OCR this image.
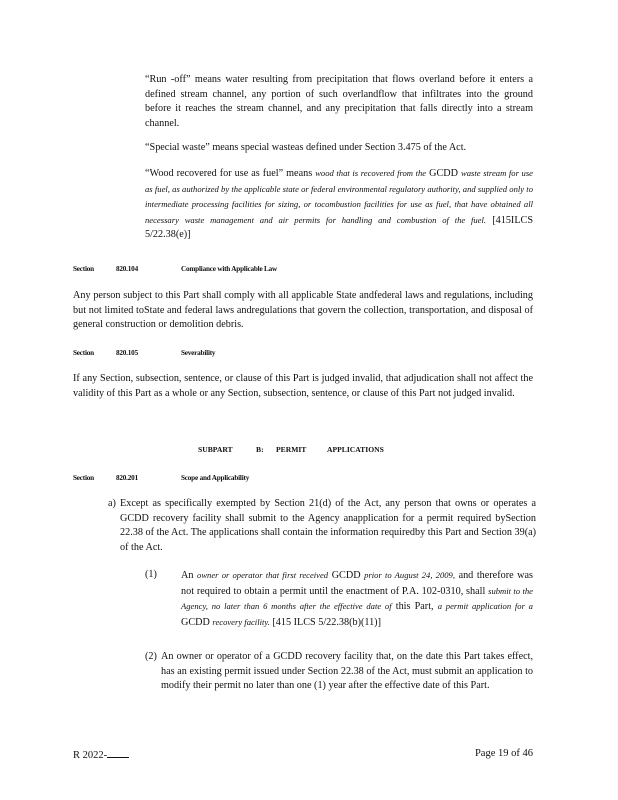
“Run -off” means water resulting from precipitation that flows overland before it enters a defined stream channel, any portion of such overlandflow that infiltrates into the ground before it reaches the stream channel, and any precipitation that falls directly into a stream channel.

“Special waste” means special wasteas defined under Section 3.475 of the Act.

“Wood recovered for use as fuel” means wood that is recovered from the GCDD waste stream for use as fuel, as authorized by the applicable state or federal environmental regulatory authority, and supplied only to intermediate processing facilities for sizing, or tocombustion facilities for use as fuel, that have obtained all necessary waste management and air permits for handling and combustion of the fuel. [415ILCS 5/22.38(e)]

Section	820.104	Compliance with Applicable Law

Any person subject to this Part shall comply with all applicable State andfederal laws and regulations, including but not limited toState and federal laws andregulations that govern the collection, transportation, and disposal of general construction or demolition debris.

Section	820.105	Severability

If any Section, subsection, sentence, or clause of this Part is judged invalid, that adjudication shall not affect the validity of this Part as a whole or any Section, subsection, sentence, or clause of this Part not judged invalid.

SUBPART	B: PERMIT	APPLICATIONS
Section	820.201	Scope and Applicability
a) Except as specifically exempted by Section 21(d) of the Act, any person that owns or operates a GCDD recovery facility shall submit to the Agency anapplication for a permit required bySection 22.38 of the Act. The applications shall contain the information requiredby this Part and Section 39(a) of the Act.

(1) An owner or operator that first received GCDD prior to August 24, 2009, and therefore was not required to obtain a permit until the enactment of P.A. 102-0310, shall submit to the Agency, no later than 6 months after the effective date of this Part, a permit application for a GCDD recovery facility. [415 ILCS 5/22.38(b)(11)]

(2) An owner or operator of a GCDD recovery facility that, on the date this Part takes effect, has an existing permit issued under Section 22.38 of the Act, must submit an application to modify their permit no later than one (1) year after the effective date of this Part.

R 2022-	Page 19 of 46
